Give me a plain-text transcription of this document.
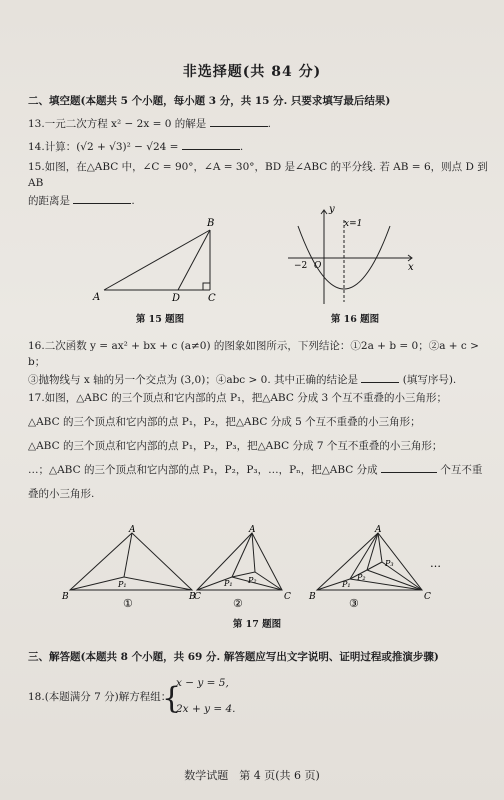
非选择题(共 84 分)
二、填空题(本题共 5 个小题，每小题 3 分，共 15 分. 只要求填写最后结果)
13.一元二次方程 x² − 2x = 0 的解是	.
14.计算：(√2 + √3)² − √24 =	.
15.如图，在△ABC 中，∠C = 90°，∠A = 30°，BD 是∠ABC 的平分线. 若 AB = 6，则点 D 到 AB
的距离是	.
A
B
C
D
第 15 题图
y
x
O
−2
x=1
第 16 题图
16.二次函数 y = ax² + bx + c (a≠0) 的图象如图所示，下列结论：①2a + b = 0；②a + c > b；
③抛物线与 x 轴的另一个交点为 (3,0)；④abc > 0. 其中正确的结论是	(填写序号).
17.如图，△ABC 的三个顶点和它内部的点 P₁，把△ABC 分成 3 个互不重叠的小三角形；
△ABC 的三个顶点和它内部的点 P₁，P₂，把△ABC 分成 5 个互不重叠的小三角形；
△ABC 的三个顶点和它内部的点 P₁，P₂，P₃，把△ABC 分成 7 个互不重叠的小三角形；
…；△ABC 的三个顶点和它内部的点 P₁，P₂，P₃，…，Pₙ，把△ABC 分成	个互不重
叠的小三角形.
A
B	C
P₁
①
A
B	C
P₁ P₂
②
A
B	C
P₁
P₂
P₃
③
…
第 17 题图
三、解答题(本题共 8 个小题，共 69 分. 解答题应写出文字说明、证明过程或推演步骤)
18.(本题满分 7 分)解方程组：
{
x − y = 5,
2x + y = 4.
数学试题　第 4 页(共 6 页)
